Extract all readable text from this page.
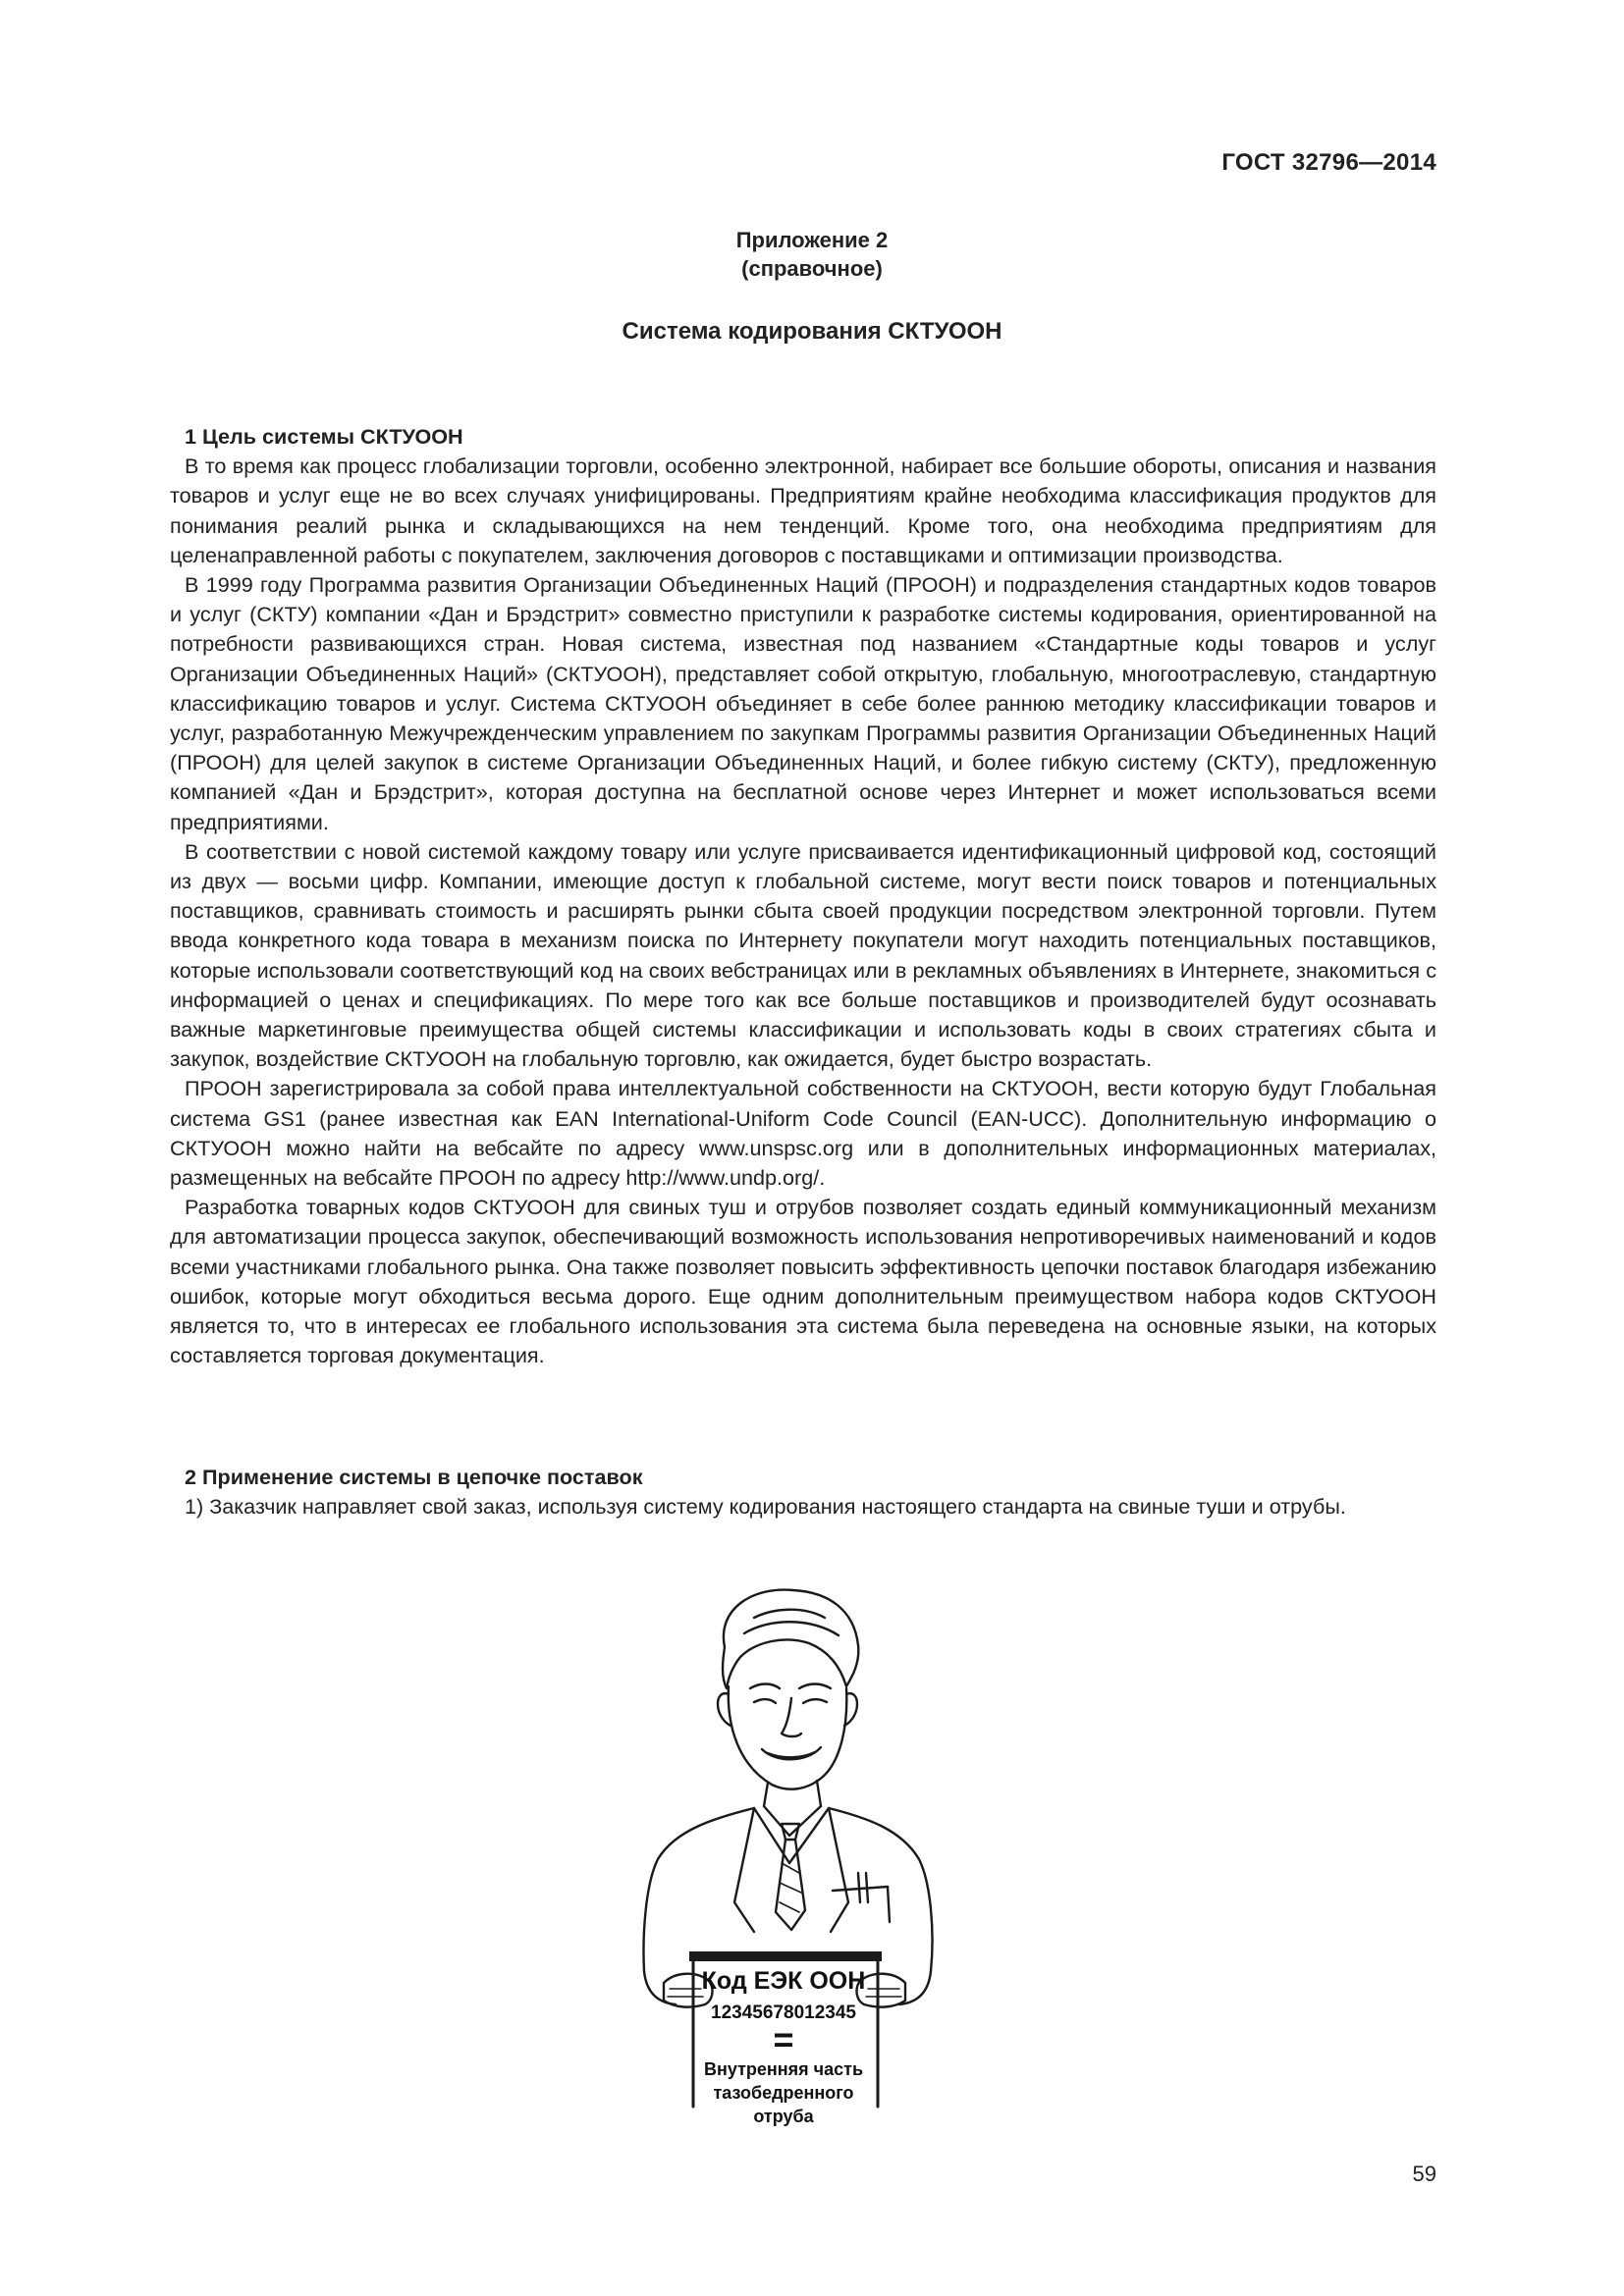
ГОСТ 32796—2014
Приложение 2
(справочное)
Система кодирования СКТУООН
1 Цель системы СКТУООН

В то время как процесс глобализации торговли, особенно электронной, набирает все большие обороты, описания и названия товаров и услуг еще не во всех случаях унифицированы. Предприятиям крайне необходима классификация продуктов для понимания реалий рынка и складывающихся на нем тенденций. Кроме того, она необходима предприятиям для целенаправленной работы с покупателем, заключения договоров с поставщиками и оптимизации производства.

В 1999 году Программа развития Организации Объединенных Наций (ПРООН) и подразделения стандартных кодов товаров и услуг (СКТУ) компании «Дан и Брэдстрит» совместно приступили к разработке системы кодирования, ориентированной на потребности развивающихся стран. Новая система, известная под названием «Стандартные коды товаров и услуг Организации Объединенных Наций» (СКТУООН), представляет собой открытую, глобальную, многоотраслевую, стандартную классификацию товаров и услуг. Система СКТУООН объединяет в себе более раннюю методику классификации товаров и услуг, разработанную Межучрежденческим управлением по закупкам Программы развития Организации Объединенных Наций (ПРООН) для целей закупок в системе Организации Объединенных Наций, и более гибкую систему (СКТУ), предложенную компанией «Дан и Брэдстрит», которая доступна на бесплатной основе через Интернет и может использоваться всеми предприятиями.

В соответствии с новой системой каждому товару или услуге присваивается идентификационный цифровой код, состоящий из двух — восьми цифр. Компании, имеющие доступ к глобальной системе, могут вести поиск товаров и потенциальных поставщиков, сравнивать стоимость и расширять рынки сбыта своей продукции посредством электронной торговли. Путем ввода конкретного кода товара в механизм поиска по Интернету покупатели могут находить потенциальных поставщиков, которые использовали соответствующий код на своих вебстраницах или в рекламных объявлениях в Интернете, знакомиться с информацией о ценах и спецификациях. По мере того как все больше поставщиков и производителей будут осознавать важные маркетинговые преимущества общей системы классификации и использовать коды в своих стратегиях сбыта и закупок, воздействие СКТУООН на глобальную торговлю, как ожидается, будет быстро возрастать.

ПРООН зарегистрировала за собой права интеллектуальной собственности на СКТУООН, вести которую будут Глобальная система GS1 (ранее известная как EAN International-Uniform Code Council (EAN-UCC). Дополнительную информацию о СКТУООН можно найти на вебсайте по адресу www.unspsc.org или в дополнительных информационных материалах, размещенных на вебсайте ПРООН по адресу http://www.undp.org/.

Разработка товарных кодов СКТУООН для свиных туш и отрубов позволяет создать единый коммуникационный механизм для автоматизации процесса закупок, обеспечивающий возможность использования непротиворечивых наименований и кодов всеми участниками глобального рынка. Она также позволяет повысить эффективность цепочки поставок благодаря избежанию ошибок, которые могут обходиться весьма дорого. Еще одним дополнительным преимуществом набора кодов СКТУООН является то, что в интересах ее глобального использования эта система была переведена на основные языки, на которых составляется торговая документация.

2 Применение системы в цепочке поставок

1) Заказчик направляет свой заказ, используя систему кодирования настоящего стандарта на свиные туши и отрубы.

Код ЕЭК ООН
12345678012345
=
Внутренняя часть
тазобедренного
отруба
59
